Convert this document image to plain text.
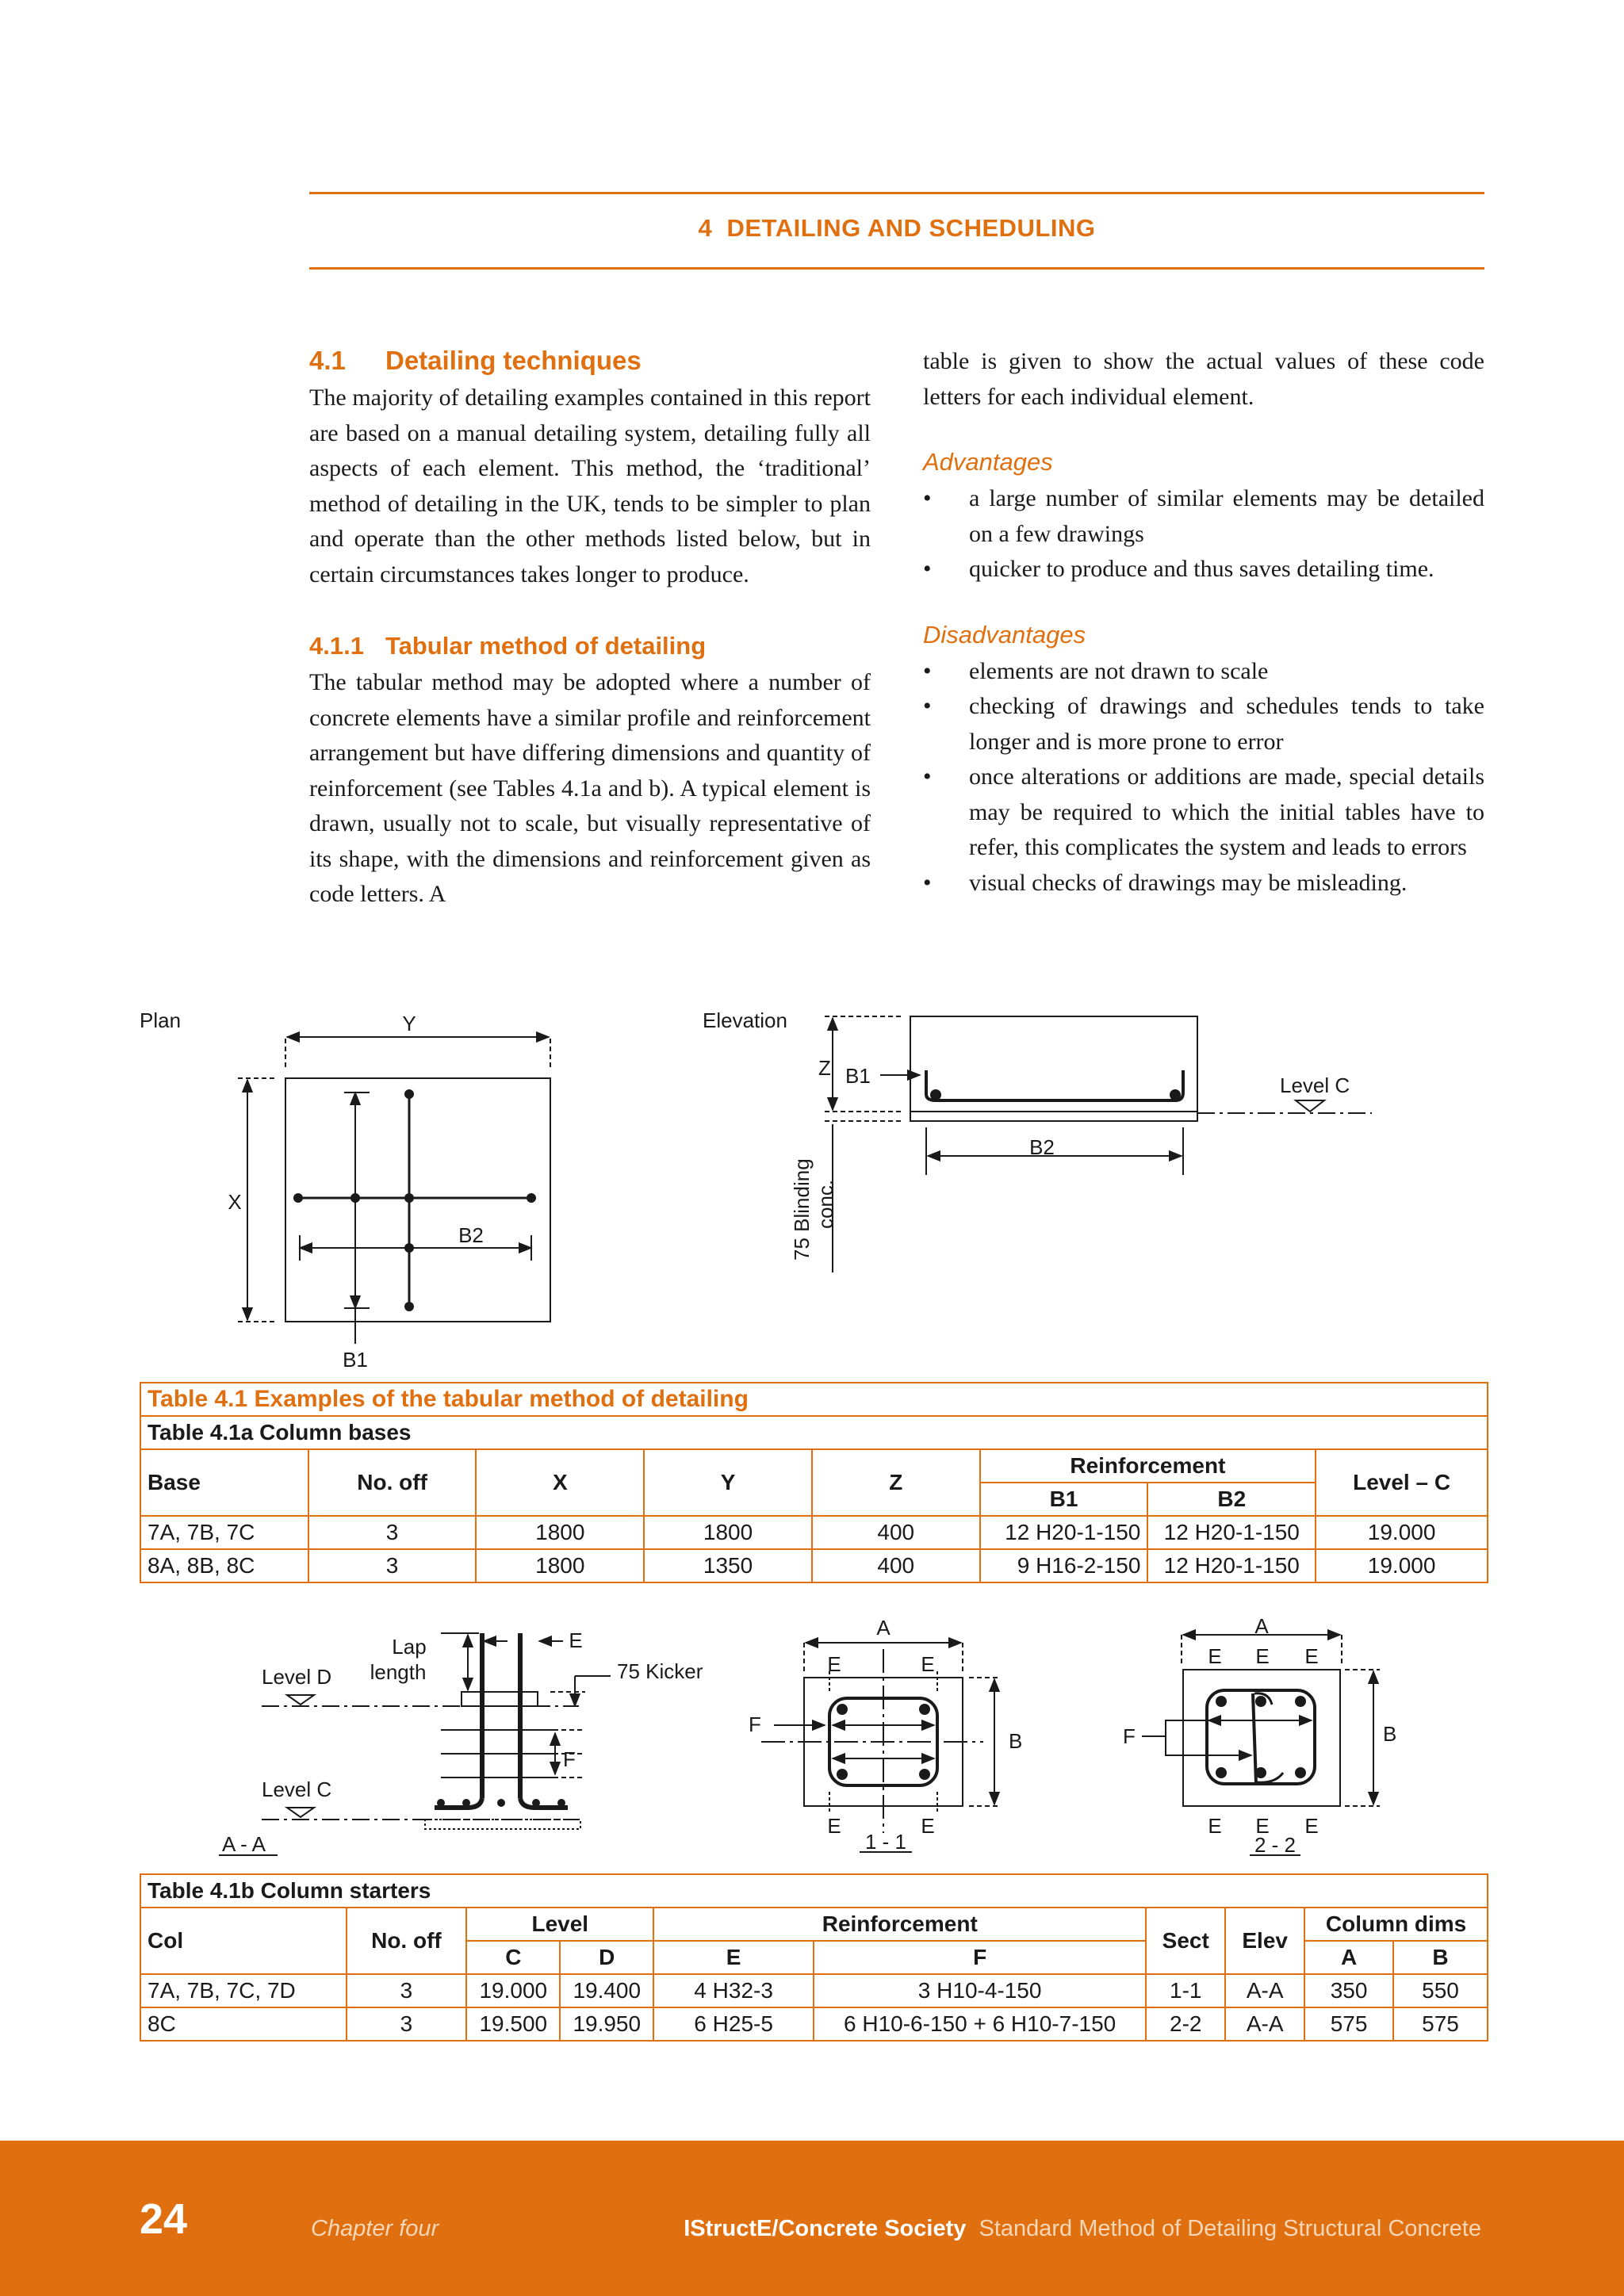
4 DETAILING AND SCHEDULING
4.1 Detailing techniques

The majority of detailing examples contained in this report are based on a manual detailing system, detailing fully all aspects of each element. This method, the ‘traditional’ method of detailing in the UK, tends to be simpler to plan and operate than the other methods listed below, but in certain circumstances takes longer to produce.

4.1.1 Tabular method of detailing

The tabular method may be adopted where a number of concrete elements have a similar profile and reinforcement arrangement but have differing dimensions and quantity of reinforcement (see Tables 4.1a and b). A typical element is drawn, usually not to scale, but visually representative of its shape, with the dimensions and reinforcement given as code letters. A

table is given to show the actual values of these code letters for each individual element.

Advantages

• a large number of similar elements may be detailed on a few drawings
• quicker to produce and thus saves detailing time.

Disadvantages

• elements are not drawn to scale
• checking of drawings and schedules tends to take longer and is more prone to error
• once alterations or additions are made, special details may be required to which the initial tables have to refer, this complicates the system and leads to errors
• visual checks of drawings may be misleading.
Plan	Y
X
B2
B1
Elevation
Z B1
B2
Level C
75 Blinding conc.
Table 4.1 Examples of the tabular method of detailing							
Table 4.1a Column bases							
Base	No. off	X	Y	Z	Reinforcement		Level – C
					B1	B2	
7A, 7B, 7C	3	1800	1800	400	12 H20-1-150	12 H20-1-150	19.000
8A, 8B, 8C	3	1800	1350	400	9 H16-2-150	12 H20-1-150	19.000
Lap
length
E
75 Kicker
Level D
Level C
F
A - A
A
E	E
F
B
E	E
1 - 1
A
E E E
F	B
E E E
2 - 2
Table 4.1b Column starters									
Col	No. off	Level		Reinforcement		Sect	Elev	Column dims	
		C	D	E	F			A	B
7A, 7B, 7C, 7D	3	19.000	19.400	4 H32-3	3 H10-4-150	1-1	A-A	350	550
8C	3	19.500	19.950	6 H25-5	6 H10-6-150 + 6 H10-7-150	2-2	A-A	575	575
24	Chapter four	IStructE/Concrete Society Standard Method of Detailing Structural Concrete
